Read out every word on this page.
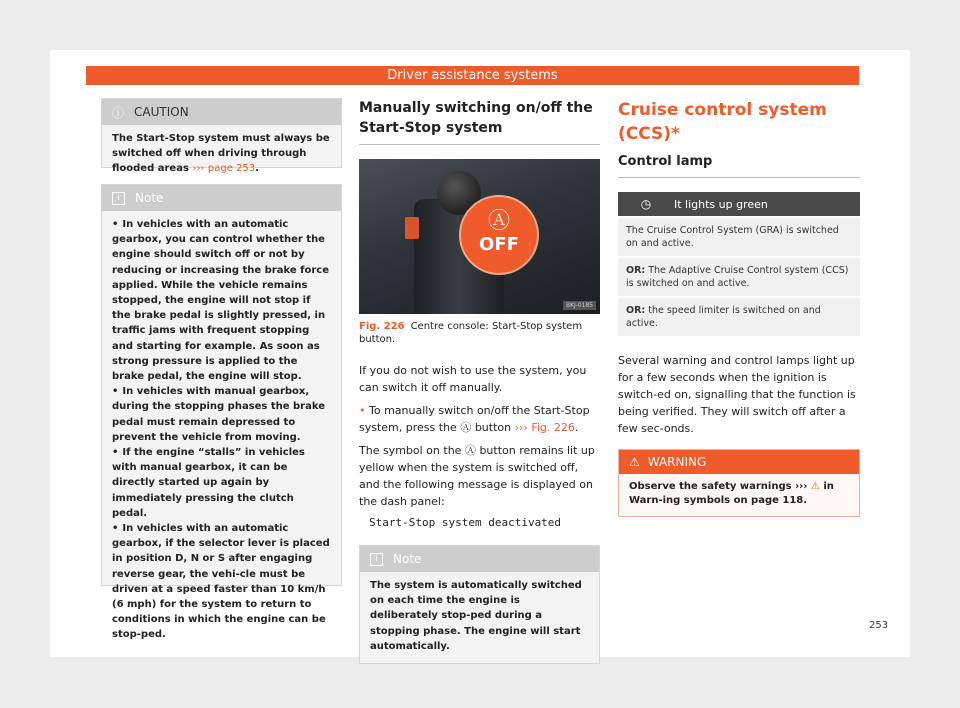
Driver assistance systems
ⓘ CAUTION
The Start-Stop system must always be switched off when driving through flooded areas ››› page 253.
i	Note

• In vehicles with an automatic gearbox, you can control whether the engine should switch off or not by reducing or increasing the brake force applied. While the vehicle remains stopped, the engine will not stop if the brake pedal is slightly pressed, in traffic jams with frequent stopping and starting for example. As soon as strong pressure is applied to the brake pedal, the engine will stop.

• In vehicles with manual gearbox, during the stopping phases the brake pedal must remain depressed to prevent the vehicle from moving.

• If the engine “stalls” in vehicles with manual gearbox, it can be directly started up again by immediately pressing the clutch pedal.

• In vehicles with an automatic gearbox, if the selector lever is placed in position D, N or S after engaging reverse gear, the vehi-cle must be driven at a speed faster than 10 km/h (6 mph) for the system to return to conditions in which the engine can be stop-ped.

Manually switching on/off the Start-Stop system
Ⓐ
OFF
BKJ-0185
Fig. 226 Centre console: Start-Stop system button.
If you do not wish to use the system, you can switch it off manually.
• To manually switch on/off the Start-Stop system, press the Ⓐ button ››› Fig. 226.
The symbol on the Ⓐ button remains lit up yellow when the system is switched off, and the following message is displayed on the dash panel:
Start-Stop system deactivated
i	Note
The system is automatically switched on each time the engine is deliberately stop-ped during a stopping phase. The engine will start automatically.
Cruise control system (CCS)*
Control lamp
◷	It lights up green
The Cruise Control System (GRA) is switched on and active.
OR: The Adaptive Cruise Control system (CCS) is switched on and active.
OR: the speed limiter is switched on and active.
Several warning and control lamps light up for a few seconds when the ignition is switch-ed on, signalling that the function is being verified. They will switch off after a few sec-onds.
⚠ WARNING
Observe the safety warnings ››› ⚠ in Warn-ing symbols on page 118.
253
